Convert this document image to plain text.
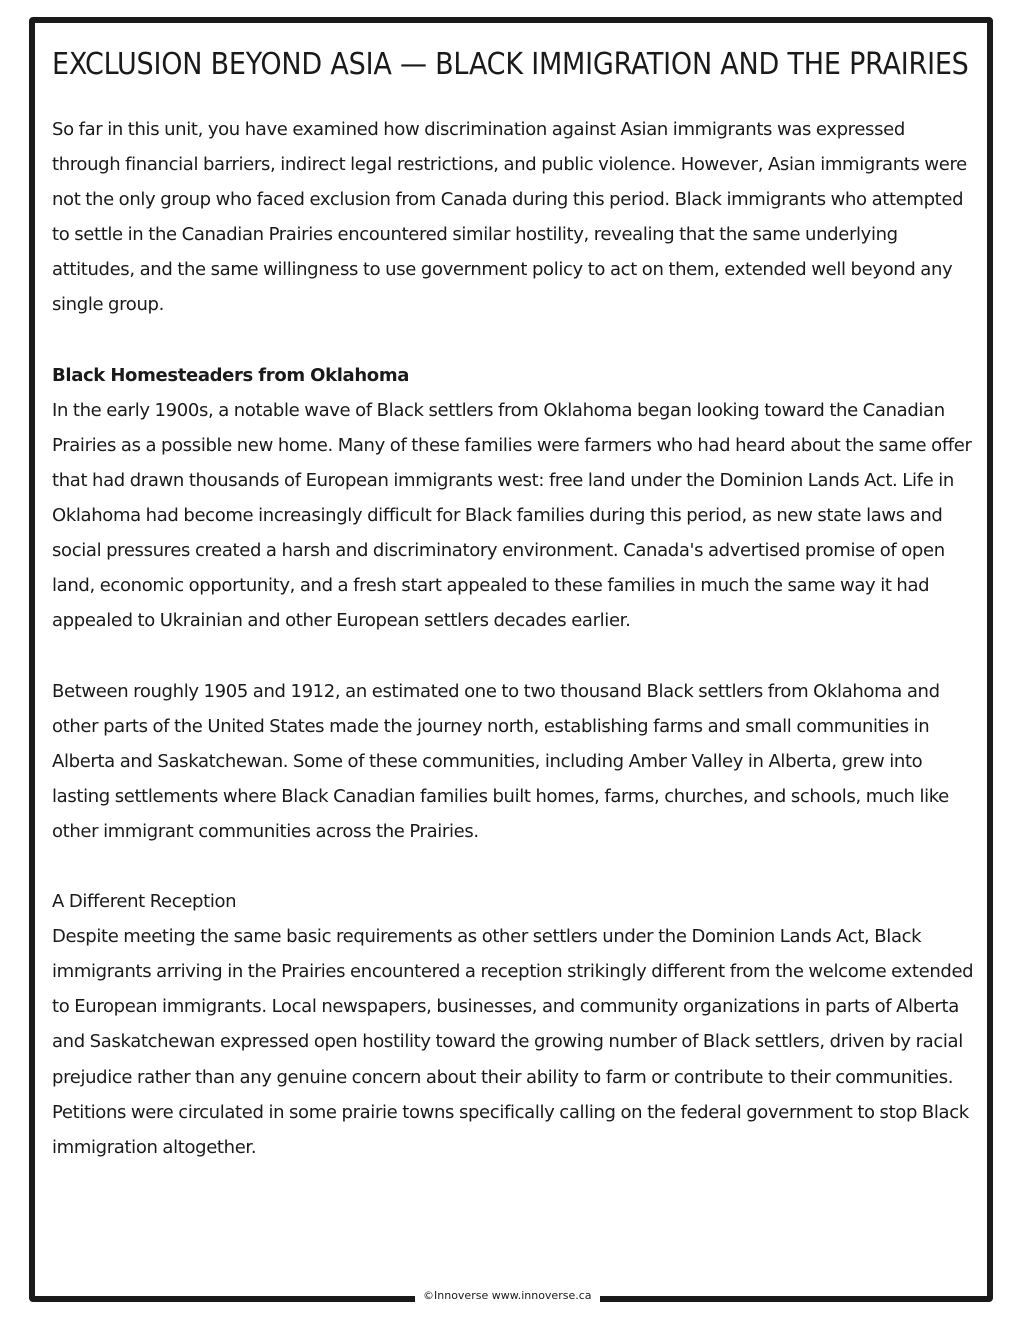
EXCLUSION BEYOND ASIA — BLACK IMMIGRATION AND THE PRAIRIES

So far in this unit, you have examined how discrimination against Asian immigrants was expressed through financial barriers, indirect legal restrictions, and public violence. However, Asian immigrants were not the only group who faced exclusion from Canada during this period. Black immigrants who attempted to settle in the Canadian Prairies encountered similar hostility, revealing that the same underlying attitudes, and the same willingness to use government policy to act on them, extended well beyond any single group.

Black Homesteaders from Oklahoma

In the early 1900s, a notable wave of Black settlers from Oklahoma began looking toward the Canadian Prairies as a possible new home. Many of these families were farmers who had heard about the same offer that had drawn thousands of European immigrants west: free land under the Dominion Lands Act. Life in Oklahoma had become increasingly difficult for Black families during this period, as new state laws and social pressures created a harsh and discriminatory environment. Canada's advertised promise of open land, economic opportunity, and a fresh start appealed to these families in much the same way it had appealed to Ukrainian and other European settlers decades earlier.

Between roughly 1905 and 1912, an estimated one to two thousand Black settlers from Oklahoma and other parts of the United States made the journey north, establishing farms and small communities in Alberta and Saskatchewan. Some of these communities, including Amber Valley in Alberta, grew into lasting settlements where Black Canadian families built homes, farms, churches, and schools, much like other immigrant communities across the Prairies.

A Different Reception

Despite meeting the same basic requirements as other settlers under the Dominion Lands Act, Black immigrants arriving in the Prairies encountered a reception strikingly different from the welcome extended to European immigrants. Local newspapers, businesses, and community organizations in parts of Alberta and Saskatchewan expressed open hostility toward the growing number of Black settlers, driven by racial prejudice rather than any genuine concern about their ability to farm or contribute to their communities. Petitions were circulated in some prairie towns specifically calling on the federal government to stop Black immigration altogether.

©Innoverse www.innoverse.ca
